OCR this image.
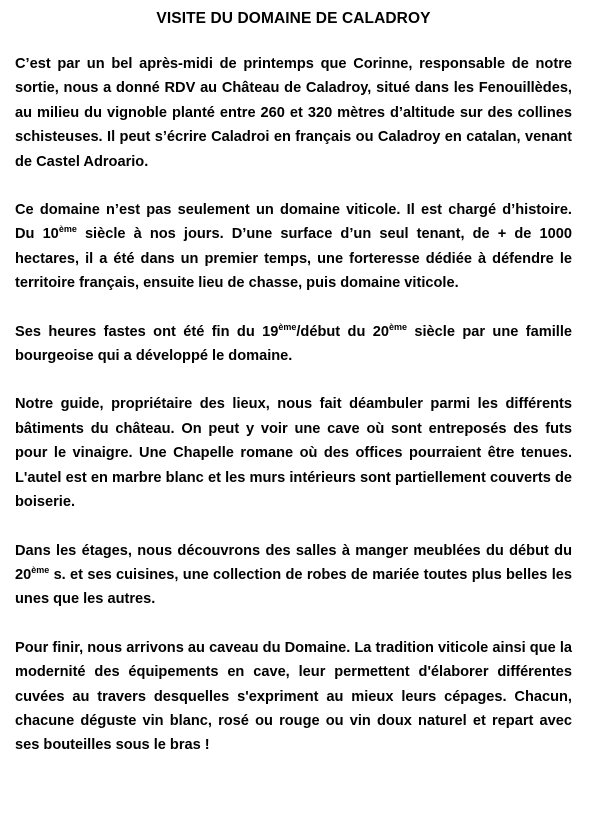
VISITE DU DOMAINE DE CALADROY

C’est par un bel après-midi de printemps que Corinne, responsable de notre sortie, nous a donné RDV au Château de Caladroy, situé dans les Fenouillèdes, au milieu du vignoble planté entre 260 et 320 mètres d’altitude sur des collines schisteuses. Il peut s’écrire Caladroi en français ou Caladroy en catalan, venant de Castel Adroario.

Ce domaine n’est pas seulement un domaine viticole. Il est chargé d’histoire. Du 10ème siècle à nos jours. D’une surface d’un seul tenant, de + de 1000 hectares, il a été dans un premier temps, une forteresse dédiée à défendre le territoire français, ensuite lieu de chasse, puis domaine viticole.

Ses heures fastes ont été fin du 19ème/début du 20ème siècle par une famille bourgeoise qui a développé le domaine.

Notre guide, propriétaire des lieux, nous fait déambuler parmi les différents bâtiments du château. On peut y voir une cave où sont entreposés des futs pour le vinaigre. Une Chapelle romane où des offices pourraient être tenues. L'autel est en marbre blanc et les murs intérieurs sont partiellement couverts de boiserie.

Dans les étages, nous découvrons des salles à manger meublées du début du 20ème s. et ses cuisines, une collection de robes de mariée toutes plus belles les unes que les autres.

Pour finir, nous arrivons au caveau du Domaine. La tradition viticole ainsi que la modernité des équipements en cave, leur permettent d'élaborer différentes cuvées au travers desquelles s'expriment au mieux leurs cépages. Chacun, chacune déguste vin blanc, rosé ou rouge ou vin doux naturel et repart avec ses bouteilles sous le bras !
